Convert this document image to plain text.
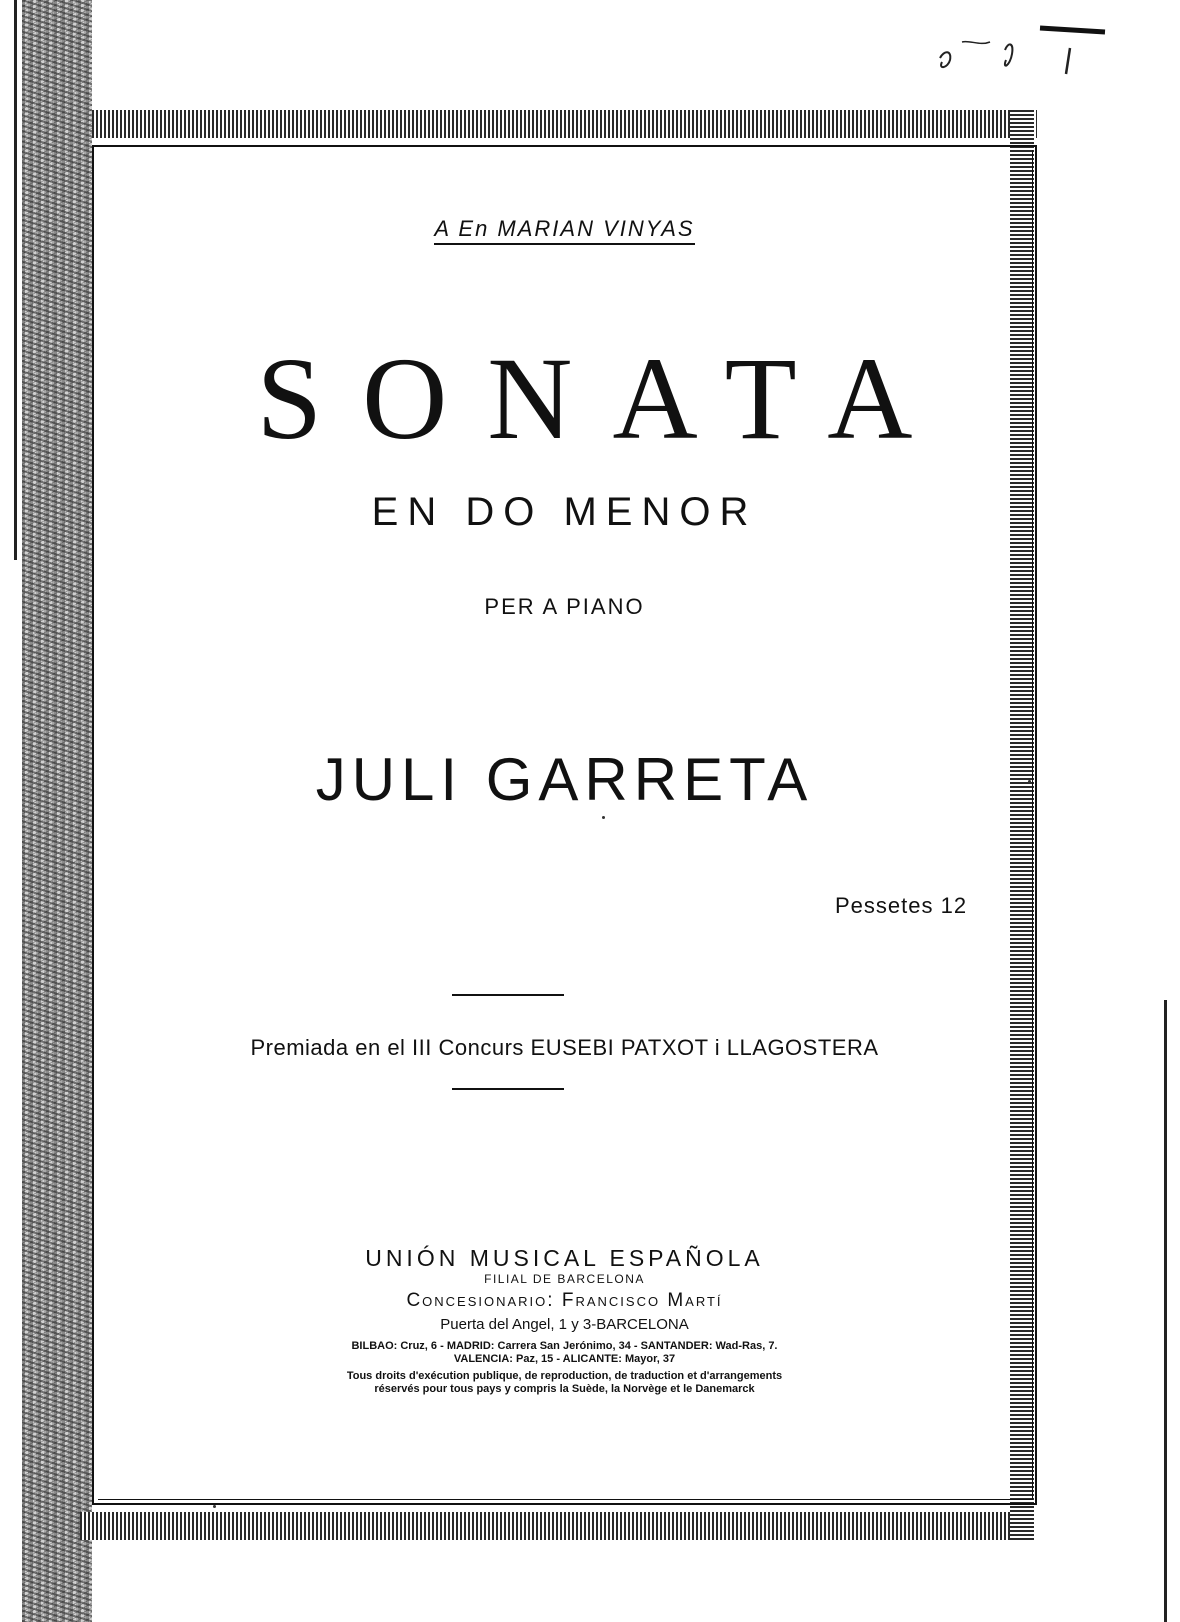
A En MARIAN VINYAS
SONATA
EN DO MENOR
PER A PIANO
JULI GARRETA
Pessetes 12
Premiada en el III Concurs EUSEBI PATXOT i LLAGOSTERA
UNIÓN MUSICAL ESPAÑOLA
FILIAL DE BARCELONA
Concesionario: Francisco Martí
Puerta del Angel, 1 y 3-BARCELONA
BILBAO: Cruz, 6 - MADRID: Carrera San Jerónimo, 34 - SANTANDER: Wad-Ras, 7.
VALENCIA: Paz, 15 - ALICANTE: Mayor, 37
Tous droits d'exécution publique, de reproduction, de traduction et d'arrangements
réservés pour tous pays y compris la Suède, la Norvège et le Danemarck
